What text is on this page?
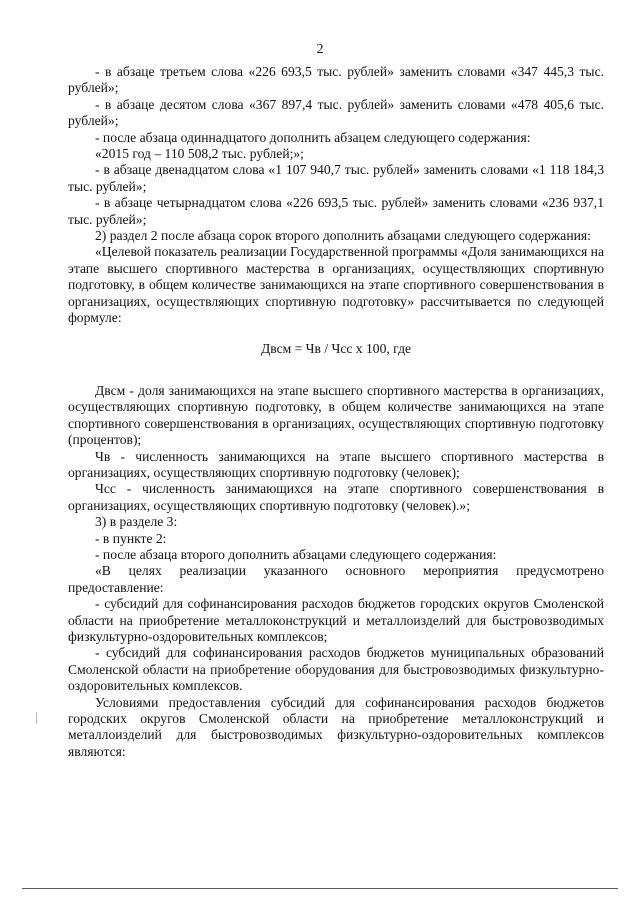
2

- в абзаце третьем слова «226 693,5 тыс. рублей» заменить словами «347 445,3 тыс. рублей»;

- в абзаце десятом слова «367 897,4 тыс. рублей» заменить словами «478 405,6 тыс. рублей»;

- после абзаца одиннадцатого дополнить абзацем следующего содержания:

«2015 год – 110 508,2 тыс. рублей;»;

- в абзаце двенадцатом слова «1 107 940,7 тыс. рублей» заменить словами «1 118 184,3 тыс. рублей»;

- в абзаце четырнадцатом слова «226 693,5 тыс. рублей» заменить словами «236 937,1 тыс. рублей»;

2) раздел 2 после абзаца сорок второго дополнить абзацами следующего содержания:

«Целевой показатель реализации Государственной программы «Доля занимающихся на этапе высшего спортивного мастерства в организациях, осуществляющих спортивную подготовку, в общем количестве занимающихся на этапе спортивного совершенствования в организациях, осуществляющих спортивную подготовку» рассчитывается по следующей формуле:

Двсм = Чв / Чсс х 100, где

Двсм - доля занимающихся на этапе высшего спортивного мастерства в организациях, осуществляющих спортивную подготовку, в общем количестве занимающихся на этапе спортивного совершенствования в организациях, осуществляющих спортивную подготовку (процентов);

Чв - численность занимающихся на этапе высшего спортивного мастерства в организациях, осуществляющих спортивную подготовку (человек);

Чсс - численность занимающихся на этапе спортивного совершенствования в организациях, осуществляющих спортивную подготовку (человек).»;

3) в разделе 3:

- в пункте 2:

- после абзаца второго дополнить абзацами следующего содержания:

«В целях реализации указанного основного мероприятия предусмотрено предоставление:

- субсидий для софинансирования расходов бюджетов городских округов Смоленской области на приобретение металлоконструкций и металлоизделий для быстровозводимых физкультурно-оздоровительных комплексов;

- субсидий для софинансирования расходов бюджетов муниципальных образований Смоленской области на приобретение оборудования для быстровозводимых физкультурно-оздоровительных комплексов.

Условиями предоставления субсидий для софинансирования расходов бюджетов городских округов Смоленской области на приобретение металлоконструкций и металлоизделий для быстровозводимых физкультурно-оздоровительных комплексов являются:
